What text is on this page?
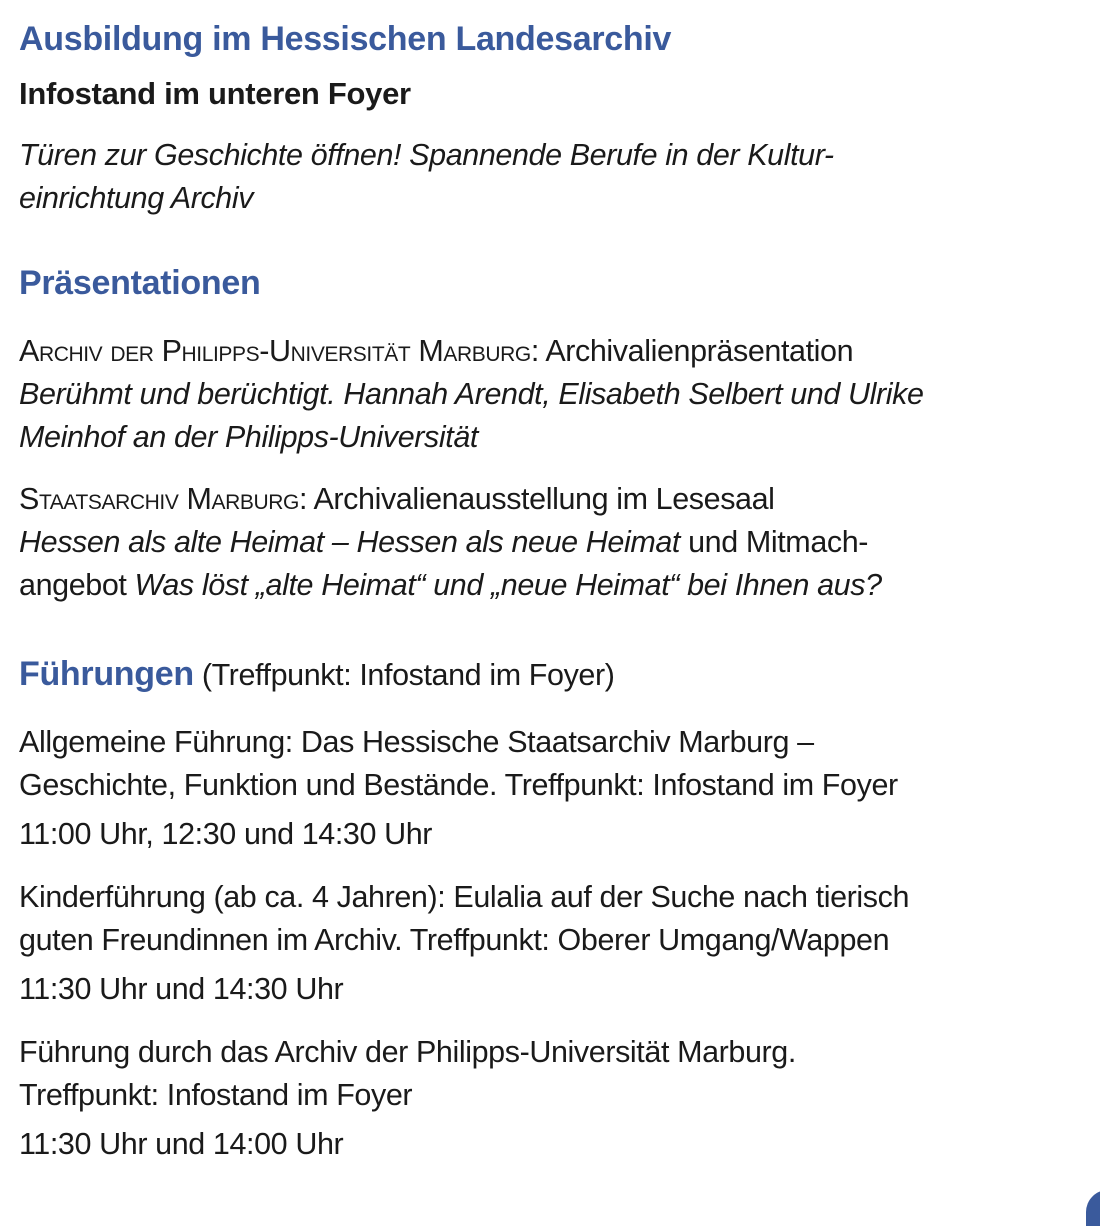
Ausbildung im Hessischen Landesarchiv
Infostand im unteren Foyer

Türen zur Geschichte öffnen! Spannende Berufe in der Kultur-

einrichtung Archiv

Präsentationen

Archiv der Philipps-Universität Marburg: Archivalienpräsentation

Berühmt und berüchtigt. Hannah Arendt, Elisabeth Selbert und Ulrike

Meinhof an der Philipps-Universität

Staatsarchiv Marburg: Archivalienausstellung im Lesesaal

Hessen als alte Heimat – Hessen als neue Heimat und Mitmach-

angebot Was löst „alte Heimat“ und „neue Heimat“ bei Ihnen aus?

Führungen (Treffpunkt: Infostand im Foyer)

Allgemeine Führung: Das Hessische Staatsarchiv Marburg –

Geschichte, Funktion und Bestände. Treffpunkt: Infostand im Foyer

11:00 Uhr, 12:30 und 14:30 Uhr

Kinderführung (ab ca. 4 Jahren): Eulalia auf der Suche nach tierisch

guten Freundinnen im Archiv. Treffpunkt: Oberer Umgang/Wappen

11:30 Uhr und 14:30 Uhr

Führung durch das Archiv der Philipps-Universität Marburg.

Treffpunkt: Infostand im Foyer

11:30 Uhr und 14:00 Uhr
